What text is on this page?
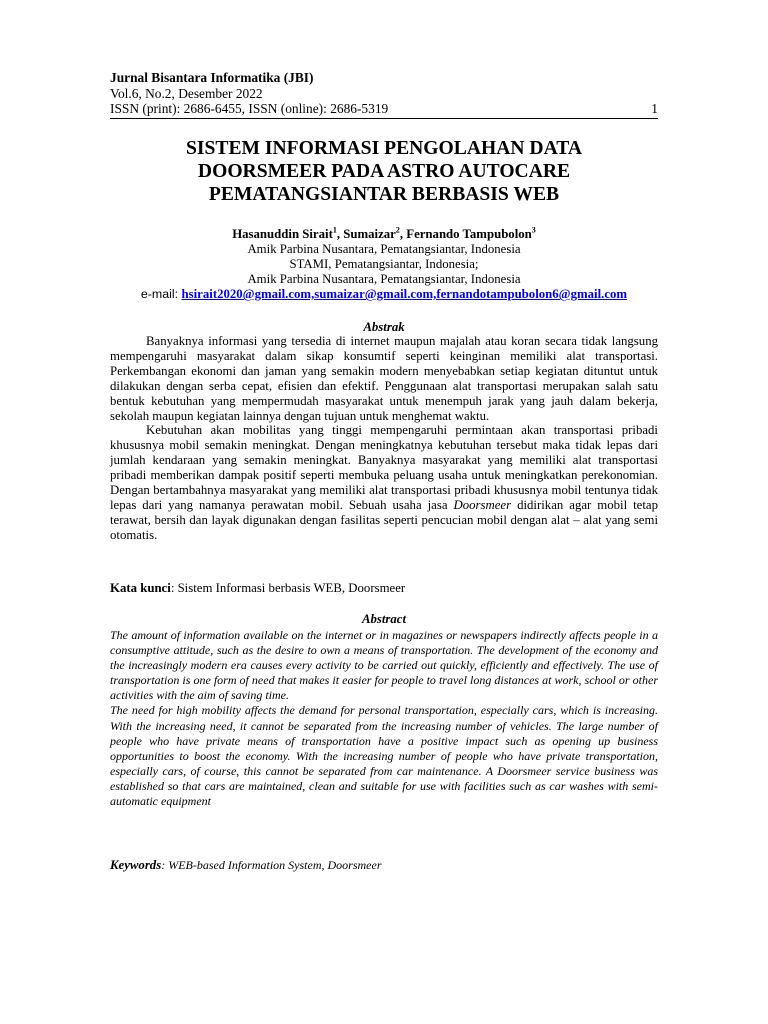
Jurnal Bisantara Informatika (JBI)
Vol.6, No.2, Desember 2022
ISSN (print): 2686-6455, ISSN (online): 2686-5319	1
SISTEM INFORMASI PENGOLAHAN DATA
DOORSMEER PADA ASTRO AUTOCARE
PEMATANGSIANTAR BERBASIS WEB
Hasanuddin Sirait$^1$, Sumaizar$^2$, Fernando Tampubolon$^3$
Amik Parbina Nusantara, Pematangsiantar, Indonesia
STAMI, Pematangsiantar, Indonesia;
Amik Parbina Nusantara, Pematangsiantar, Indonesia
e-mail: hsirait2020@gmail.com,sumaizar@gmail.com,fernandotampubolon6@gmail.com
Abstrak

Banyaknya informasi yang tersedia di internet maupun majalah atau koran secara tidak langsung mempengaruhi masyarakat dalam sikap konsumtif seperti keinginan memiliki alat transportasi. Perkembangan ekonomi dan jaman yang semakin modern menyebabkan setiap kegiatan dituntut untuk dilakukan dengan serba cepat, efisien dan efektif. Penggunaan alat transportasi merupakan salah satu bentuk kebutuhan yang mempermudah masyarakat untuk menempuh jarak yang jauh dalam bekerja, sekolah maupun kegiatan lainnya dengan tujuan untuk menghemat waktu.

Kebutuhan akan mobilitas yang tinggi mempengaruhi permintaan akan transportasi pribadi khususnya mobil semakin meningkat. Dengan meningkatnya kebutuhan tersebut maka tidak lepas dari jumlah kendaraan yang semakin meningkat. Banyaknya masyarakat yang memiliki alat transportasi pribadi memberikan dampak positif seperti membuka peluang usaha untuk meningkatkan perekonomian. Dengan bertambahnya masyarakat yang memiliki alat transportasi pribadi khususnya mobil tentunya tidak lepas dari yang namanya perawatan mobil. Sebuah usaha jasa Doorsmeer didirikan agar mobil tetap terawat, bersih dan layak digunakan dengan fasilitas seperti pencucian mobil dengan alat – alat yang semi otomatis.

Kata kunci: Sistem Informasi berbasis WEB, Doorsmeer
Abstract

The amount of information available on the internet or in magazines or newspapers indirectly affects people in a consumptive attitude, such as the desire to own a means of transportation. The development of the economy and the increasingly modern era causes every activity to be carried out quickly, efficiently and effectively. The use of transportation is one form of need that makes it easier for people to travel long distances at work, school or other activities with the aim of saving time.

The need for high mobility affects the demand for personal transportation, especially cars, which is increasing. With the increasing need, it cannot be separated from the increasing number of vehicles. The large number of people who have private means of transportation have a positive impact such as opening up business opportunities to boost the economy. With the increasing number of people who have private transportation, especially cars, of course, this cannot be separated from car maintenance. A Doorsmeer service business was established so that cars are maintained, clean and suitable for use with facilities such as car washes with semi-automatic equipment

Keywords: WEB-based Information System, Doorsmeer
